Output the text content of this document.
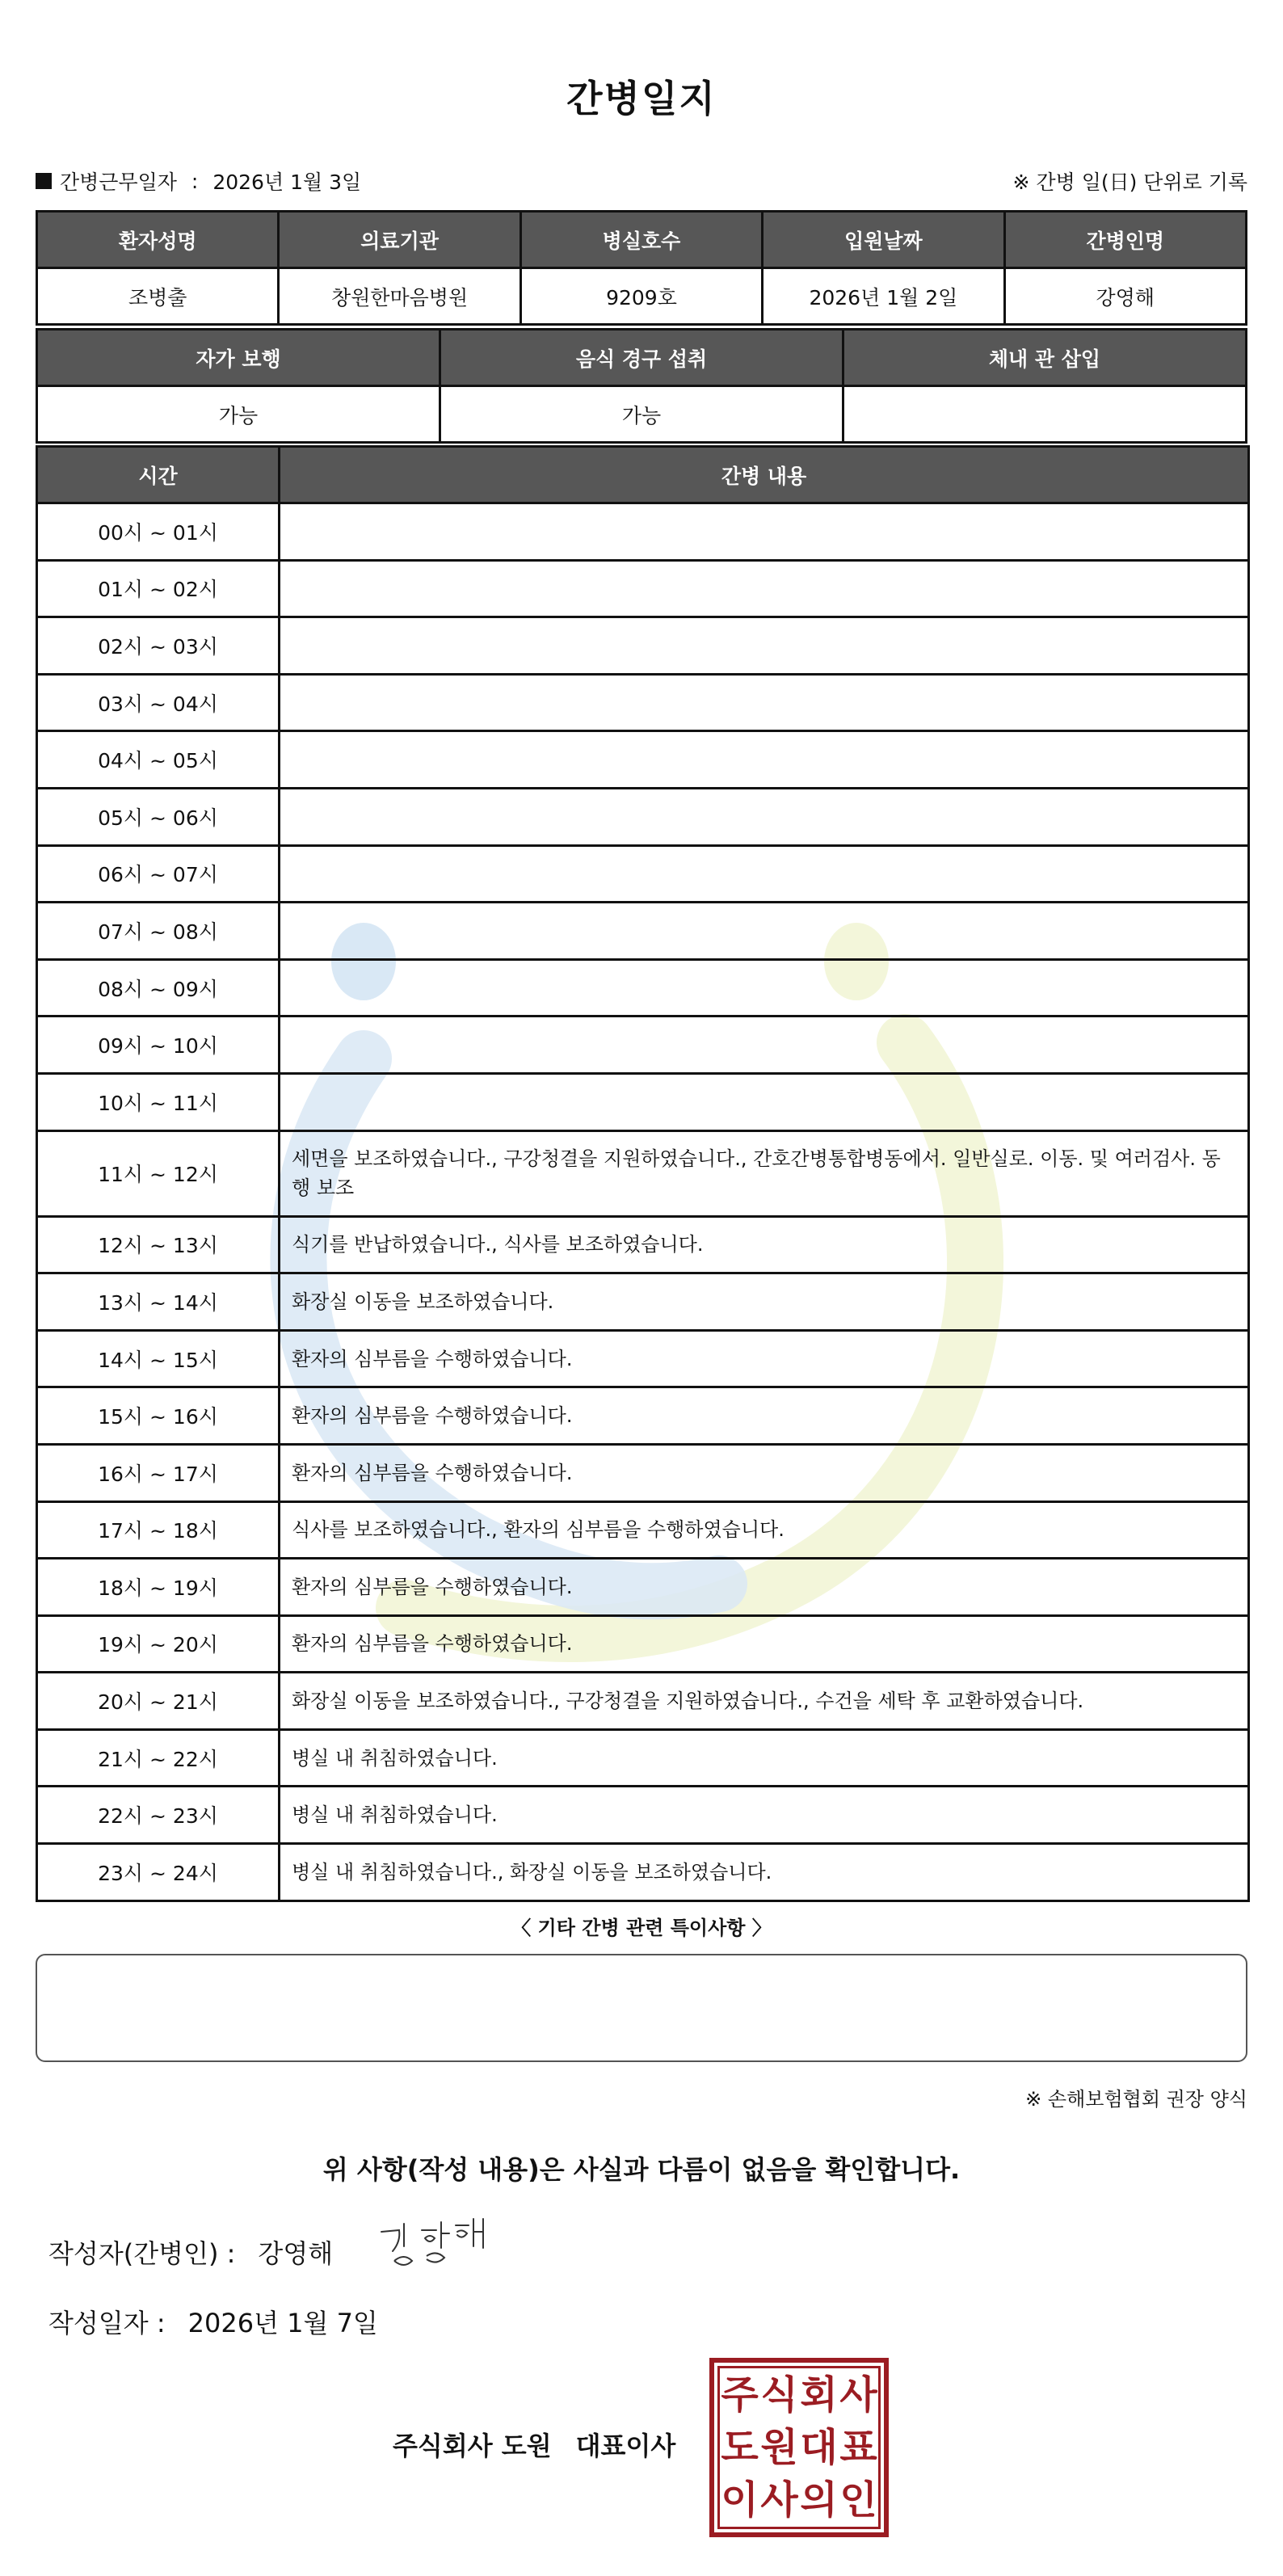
간병일지
간병근무일자 : 2026년 1월 3일	※ 간병 일(日) 단위로 기록
환자성명	의료기관	병실호수	입원날짜	간병인명
조병출	창원한마음병원	9209호	2026년 1월 2일	강영해
자가 보행	음식 경구 섭취	체내 관 삽입
가능	가능	
시간	간병 내용
00시 ~ 01시	
01시 ~ 02시	
02시 ~ 03시	
03시 ~ 04시	
04시 ~ 05시	
05시 ~ 06시	
06시 ~ 07시	
07시 ~ 08시	
08시 ~ 09시	
09시 ~ 10시	
10시 ~ 11시	
11시 ~ 12시	세면을 보조하였습니다., 구강청결을 지원하였습니다., 간호간병통합병동에서. 일반실로. 이동. 및 여러검사. 동행 보조
12시 ~ 13시	식기를 반납하였습니다., 식사를 보조하였습니다.
13시 ~ 14시	화장실 이동을 보조하였습니다.
14시 ~ 15시	환자의 심부름을 수행하였습니다.
15시 ~ 16시	환자의 심부름을 수행하였습니다.
16시 ~ 17시	환자의 심부름을 수행하였습니다.
17시 ~ 18시	식사를 보조하였습니다., 환자의 심부름을 수행하였습니다.
18시 ~ 19시	환자의 심부름을 수행하였습니다.
19시 ~ 20시	환자의 심부름을 수행하였습니다.
20시 ~ 21시	화장실 이동을 보조하였습니다., 구강청결을 지원하였습니다., 수건을 세탁 후 교환하였습니다.
21시 ~ 22시	병실 내 취침하였습니다.
22시 ~ 23시	병실 내 취침하였습니다.
23시 ~ 24시	병실 내 취침하였습니다., 화장실 이동을 보조하였습니다.
〈 기타 간병 관련 특이사항 〉
※ 손해보험협회 권장 양식
위 사항(작성 내용)은 사실과 다름이 없음을 확인합니다.
작성자(간병인) : 강영해
작성일자 : 2026년 1월 7일
주식회사 도원 대표이사
주 식 회 사
도 원 대 표
이 사 의 인
